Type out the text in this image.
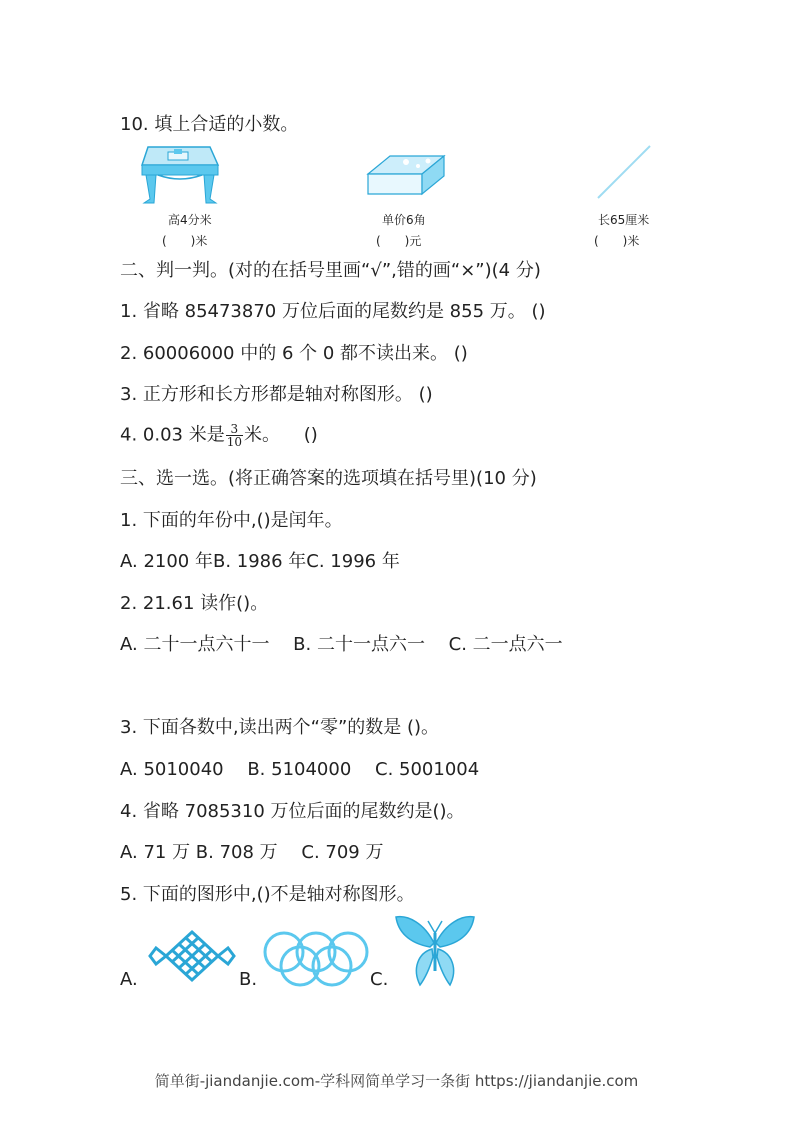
10. 填上合适的小数。
高4分米
(　　)米
单价6角
(　　)元
长65厘米
(　　)米
二、判一判。(对的在括号里画“√”,错的画“×”)(4 分)
1. 省略 85473870 万位后面的尾数约是 855 万。 ()
2. 60006000 中的 6 个 0 都不读出来。 ()
3. 正方形和长方形都是轴对称图形。 ()
4. 0.03 米是 $\frac{3}{10}$ 米。 　()
三、选一选。(将正确答案的选项填在括号里)(10 分)
1. 下面的年份中,()是闰年。
A. 2100 年B. 1986 年C. 1996 年
2. 21.61 读作()。
A. 二十一点六十一 　B. 二十一点六一 　C. 二一点六一
3. 下面各数中,读出两个“零”的数是 ()。
A. 5010040 　B. 5104000 　C. 5001004
4. 省略 7085310 万位后面的尾数约是()。
A. 71 万 B. 708 万 　C. 709 万
5. 下面的图形中,()不是轴对称图形。
A.	B.	C.
简单街-jiandanjie.com-学科网简单学习一条街 https://jiandanjie.com
